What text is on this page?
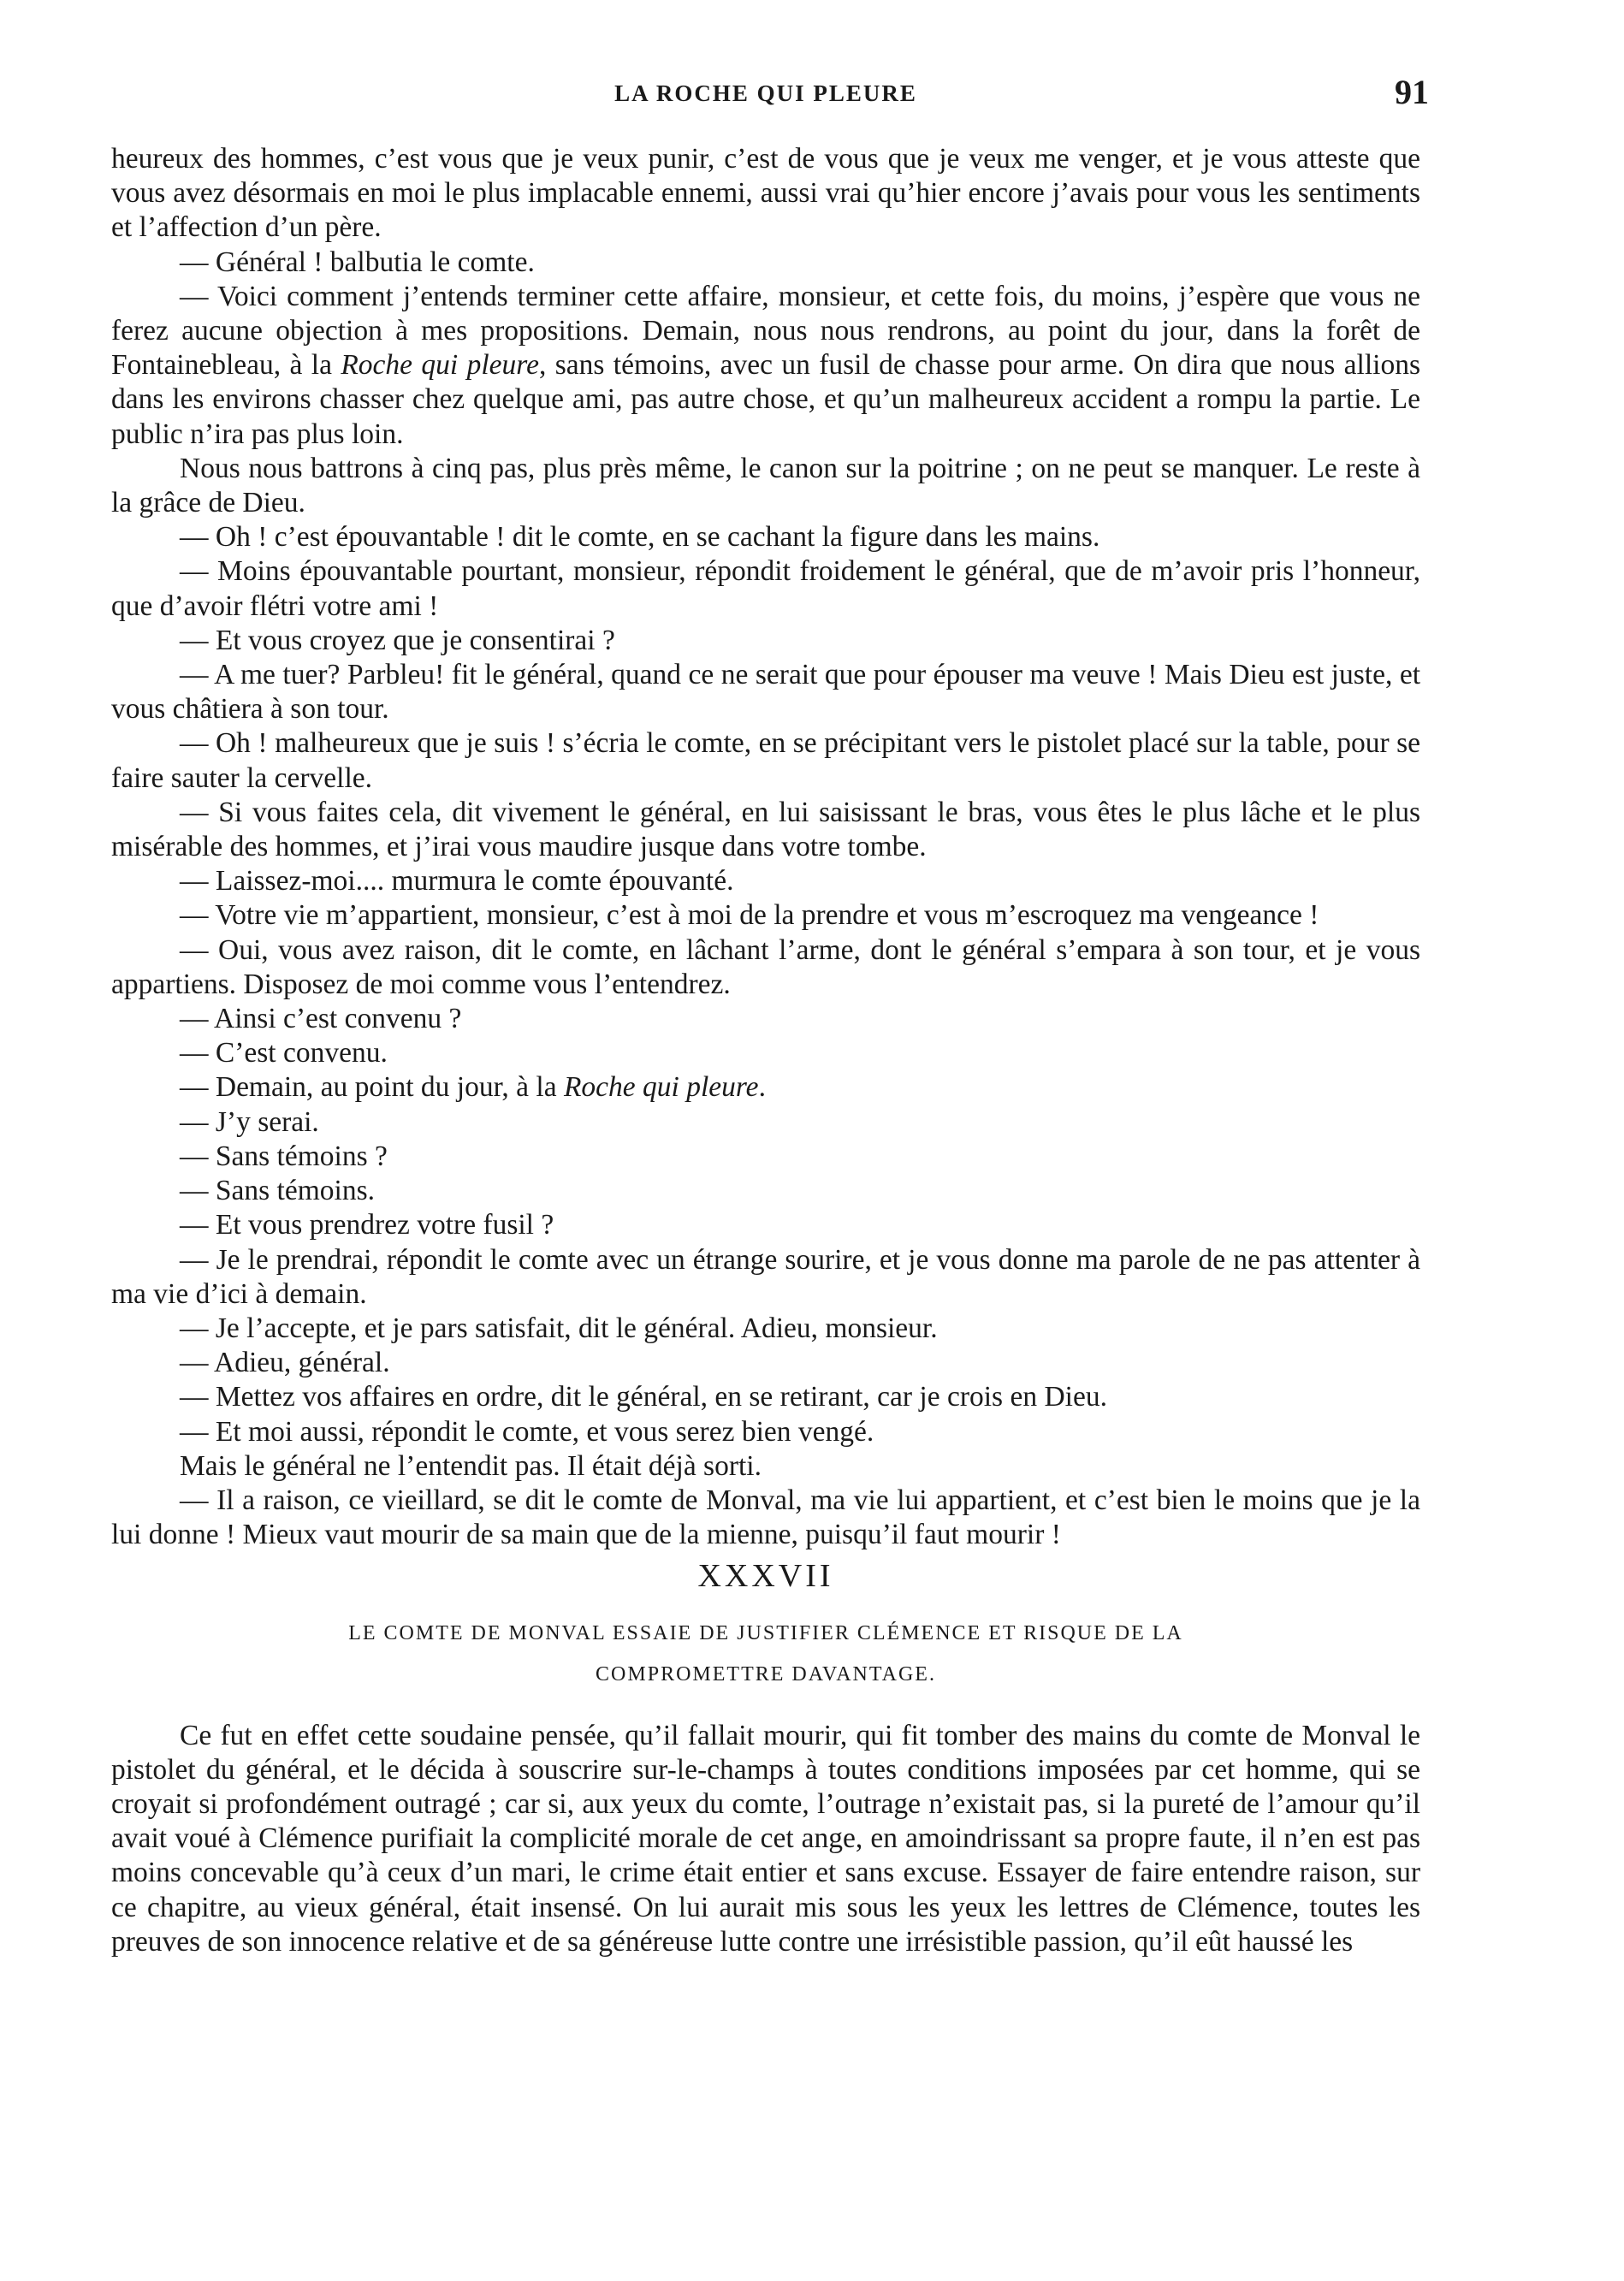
LA ROCHE QUI PLEURE	91

heureux des hommes, c’est vous que je veux punir, c’est de vous que je veux me venger, et je vous atteste que vous avez désormais en moi le plus implacable ennemi, aussi vrai qu’hier encore j’avais pour vous les sentiments et l’affection d’un père.

— Général ! balbutia le comte.

— Voici comment j’entends terminer cette affaire, monsieur, et cette fois, du moins, j’espère que vous ne ferez aucune objection à mes propositions. Demain, nous nous rendrons, au point du jour, dans la forêt de Fontainebleau, à la Roche qui pleure, sans témoins, avec un fusil de chasse pour arme. On dira que nous allions dans les environs chasser chez quelque ami, pas autre chose, et qu’un malheureux accident a rompu la partie. Le public n’ira pas plus loin.

Nous nous battrons à cinq pas, plus près même, le canon sur la poitrine ; on ne peut se manquer. Le reste à la grâce de Dieu.

— Oh ! c’est épouvantable ! dit le comte, en se cachant la figure dans les mains.

— Moins épouvantable pourtant, monsieur, répondit froidement le général, que de m’avoir pris l’honneur, que d’avoir flétri votre ami !

— Et vous croyez que je consentirai ?

— A me tuer? Parbleu! fit le général, quand ce ne serait que pour épouser ma veuve ! Mais Dieu est juste, et vous châtiera à son tour.

— Oh ! malheureux que je suis ! s’écria le comte, en se précipitant vers le pistolet placé sur la table, pour se faire sauter la cervelle.

— Si vous faites cela, dit vivement le général, en lui saisissant le bras, vous êtes le plus lâche et le plus misérable des hommes, et j’irai vous maudire jusque dans votre tombe.

— Laissez-moi.... murmura le comte épouvanté.

— Votre vie m’appartient, monsieur, c’est à moi de la prendre et vous m’escroquez ma vengeance !

— Oui, vous avez raison, dit le comte, en lâchant l’arme, dont le général s’empara à son tour, et je vous appartiens. Disposez de moi comme vous l’entendrez.

— Ainsi c’est convenu ?

— C’est convenu.

— Demain, au point du jour, à la Roche qui pleure.

— J’y serai.

— Sans témoins ?

— Sans témoins.

— Et vous prendrez votre fusil ?

— Je le prendrai, répondit le comte avec un étrange sourire, et je vous donne ma parole de ne pas attenter à ma vie d’ici à demain.

— Je l’accepte, et je pars satisfait, dit le général. Adieu, monsieur.

— Adieu, général.

— Mettez vos affaires en ordre, dit le général, en se retirant, car je crois en Dieu.

— Et moi aussi, répondit le comte, et vous serez bien vengé.

Mais le général ne l’entendit pas. Il était déjà sorti.

— Il a raison, ce vieillard, se dit le comte de Monval, ma vie lui appartient, et c’est bien le moins que je la lui donne ! Mieux vaut mourir de sa main que de la mienne, puisqu’il faut mourir !

XXXVII
LE COMTE DE MONVAL ESSAIE DE JUSTIFIER CLÉMENCE ET RISQUE DE LA
COMPROMETTRE DAVANTAGE.

Ce fut en effet cette soudaine pensée, qu’il fallait mourir, qui fit tomber des mains du comte de Monval le pistolet du général, et le décida à souscrire sur-le-champs à toutes conditions imposées par cet homme, qui se croyait si profondément outragé ; car si, aux yeux du comte, l’outrage n’existait pas, si la pureté de l’amour qu’il avait voué à Clémence purifiait la complicité morale de cet ange, en amoindrissant sa propre faute, il n’en est pas moins concevable qu’à ceux d’un mari, le crime était entier et sans excuse. Essayer de faire entendre raison, sur ce chapitre, au vieux général, était insensé. On lui aurait mis sous les yeux les lettres de Clémence, toutes les preuves de son innocence relative et de sa généreuse lutte contre une irrésistible passion, qu’il eût haussé les
